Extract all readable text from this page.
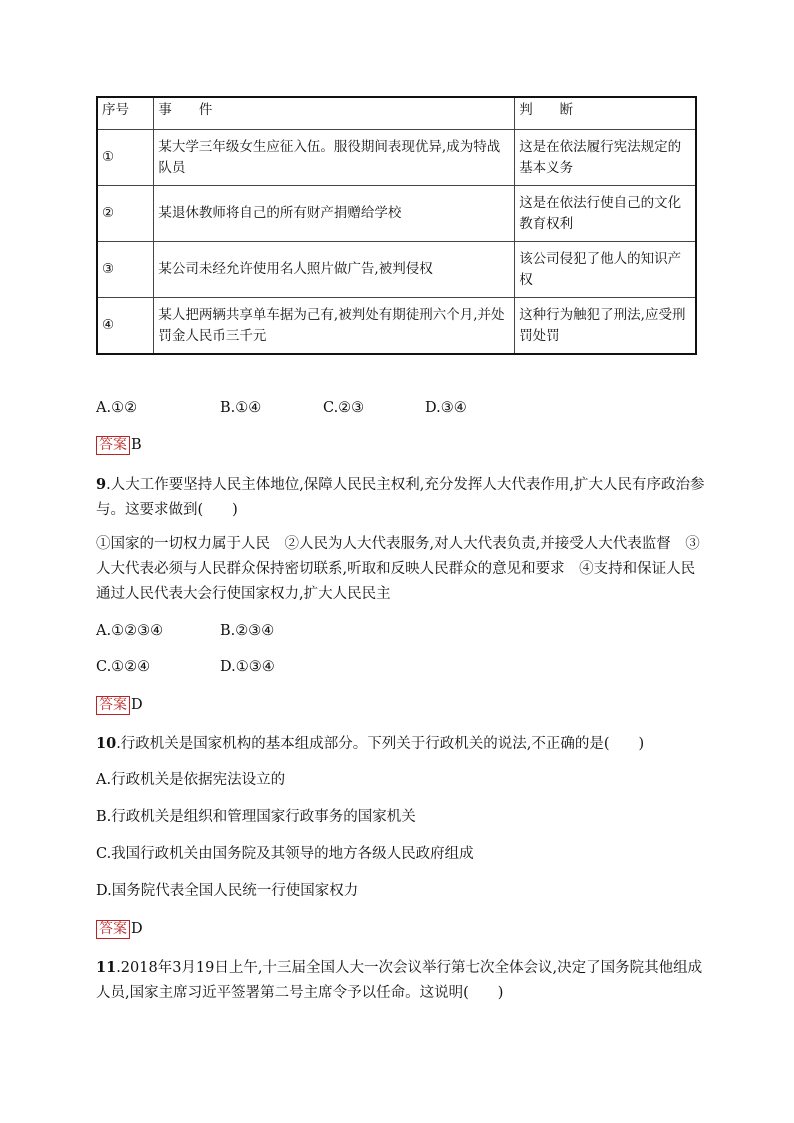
序号	事　　件	判　　断
①	某大学三年级女生应征入伍。服役期间表现优异,成为特战队员	这是在依法履行宪法规定的基本义务
②	某退休教师将自己的所有财产捐赠给学校	这是在依法行使自己的文化教育权利
③	某公司未经允许使用名人照片做广告,被判侵权	该公司侵犯了他人的知识产权
④	某人把两辆共享单车据为己有,被判处有期徒刑六个月,并处罚金人民币三千元	这种行为触犯了刑法,应受刑罚处罚
A.①②	B.①④	C.②③	D.③④
答案 B
9.人大工作要坚持人民主体地位,保障人民民主权利,充分发挥人大代表作用,扩大人民有序政治参与。这要求做到(　　)
①国家的一切权力属于人民　②人民为人大代表服务,对人大代表负责,并接受人大代表监督　③人大代表必须与人民群众保持密切联系,听取和反映人民群众的意见和要求　④支持和保证人民通过人民代表大会行使国家权力,扩大人民民主
A.①②③④	B.②③④
C.①②④	D.①③④
答案 D
10.行政机关是国家机构的基本组成部分。下列关于行政机关的说法,不正确的是(　　)
A.行政机关是依据宪法设立的
B.行政机关是组织和管理国家行政事务的国家机关
C.我国行政机关由国务院及其领导的地方各级人民政府组成
D.国务院代表全国人民统一行使国家权力
答案 D
11.2018年3月19日上午,十三届全国人大一次会议举行第七次全体会议,决定了国务院其他组成人员,国家主席习近平签署第二号主席令予以任命。这说明(　　)
